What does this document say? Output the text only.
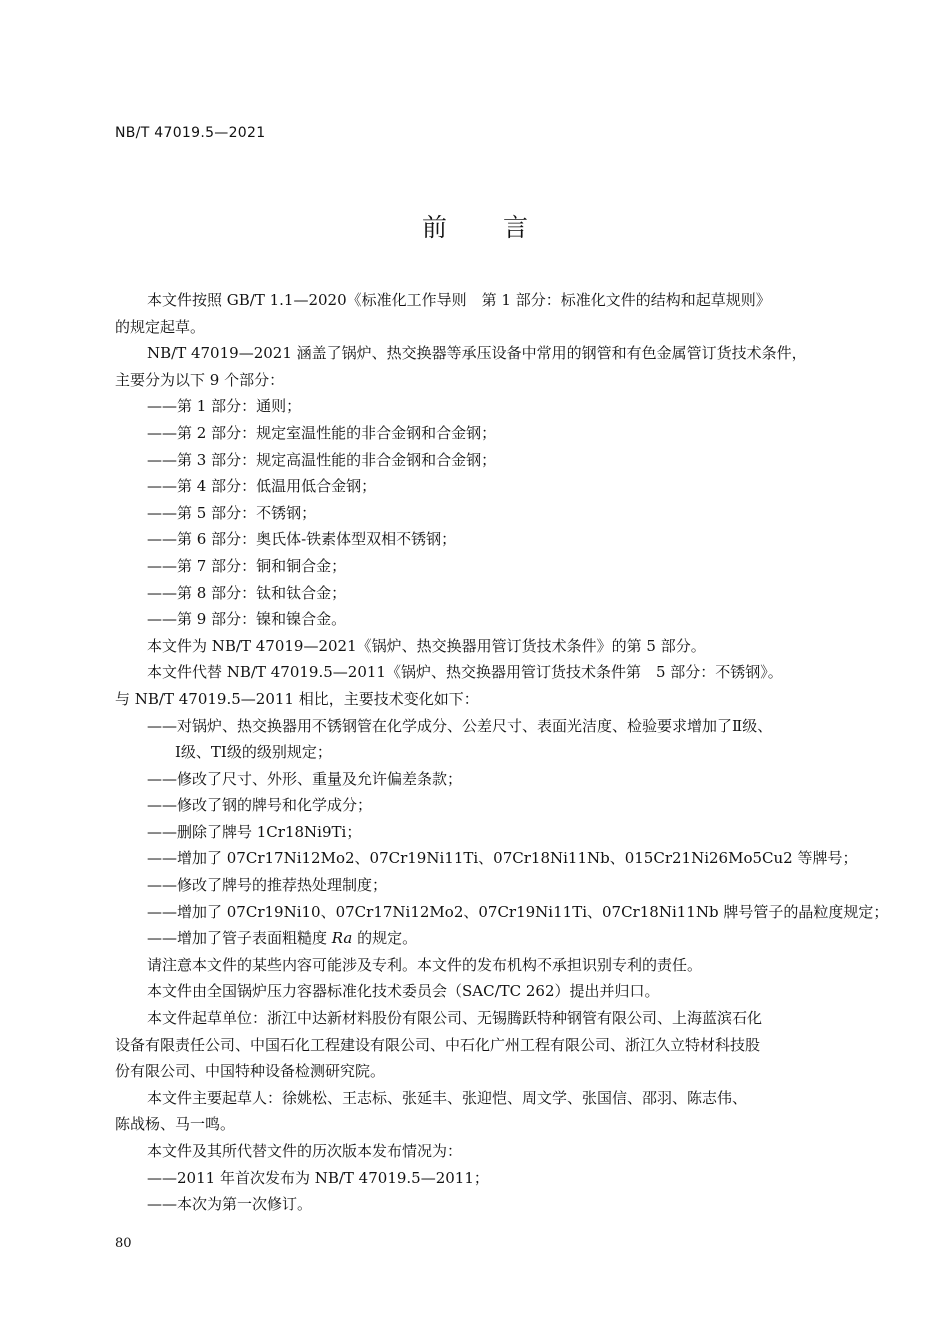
NB/T 47019.5—2021
前 言

本文件按照 GB/T 1.1—2020《标准化工作导则　第 1 部分：标准化文件的结构和起草规则》

的规定起草。

NB/T 47019—2021 涵盖了锅炉、热交换器等承压设备中常用的钢管和有色金属管订货技术条件，

主要分为以下 9 个部分：

——第 1 部分：通则；

——第 2 部分：规定室温性能的非合金钢和合金钢；

——第 3 部分：规定高温性能的非合金钢和合金钢；

——第 4 部分：低温用低合金钢；

——第 5 部分：不锈钢；

——第 6 部分：奥氏体-铁素体型双相不锈钢；

——第 7 部分：铜和铜合金；

——第 8 部分：钛和钛合金；

——第 9 部分：镍和镍合金。

本文件为 NB/T 47019—2021《锅炉、热交换器用管订货技术条件》的第 5 部分。

本文件代替 NB/T 47019.5—2011《锅炉、热交换器用管订货技术条件第　5 部分：不锈钢》。

与 NB/T 47019.5—2011 相比，主要技术变化如下：

——对锅炉、热交换器用不锈钢管在化学成分、公差尺寸、表面光洁度、检验要求增加了Ⅱ级、

Ⅰ级、TⅠ级的级别规定；

——修改了尺寸、外形、重量及允许偏差条款；

——修改了钢的牌号和化学成分；

——删除了牌号 1Cr18Ni9Ti；

——增加了 07Cr17Ni12Mo2、07Cr19Ni11Ti、07Cr18Ni11Nb、015Cr21Ni26Mo5Cu2 等牌号；

——修改了牌号的推荐热处理制度；

——增加了 07Cr19Ni10、07Cr17Ni12Mo2、07Cr19Ni11Ti、07Cr18Ni11Nb 牌号管子的晶粒度规定；

——增加了管子表面粗糙度 Ra 的规定。

请注意本文件的某些内容可能涉及专利。本文件的发布机构不承担识别专利的责任。

本文件由全国锅炉压力容器标准化技术委员会（SAC/TC 262）提出并归口。

本文件起草单位：浙江中达新材料股份有限公司、无锡腾跃特种钢管有限公司、上海蓝滨石化

设备有限责任公司、中国石化工程建设有限公司、中石化广州工程有限公司、浙江久立特材科技股

份有限公司、中国特种设备检测研究院。

本文件主要起草人：徐姚松、王志标、张延丰、张迎恺、周文学、张国信、邵羽、陈志伟、

陈战杨、马一鸣。

本文件及其所代替文件的历次版本发布情况为：

——2011 年首次发布为 NB/T 47019.5—2011；

——本次为第一次修订。

80
